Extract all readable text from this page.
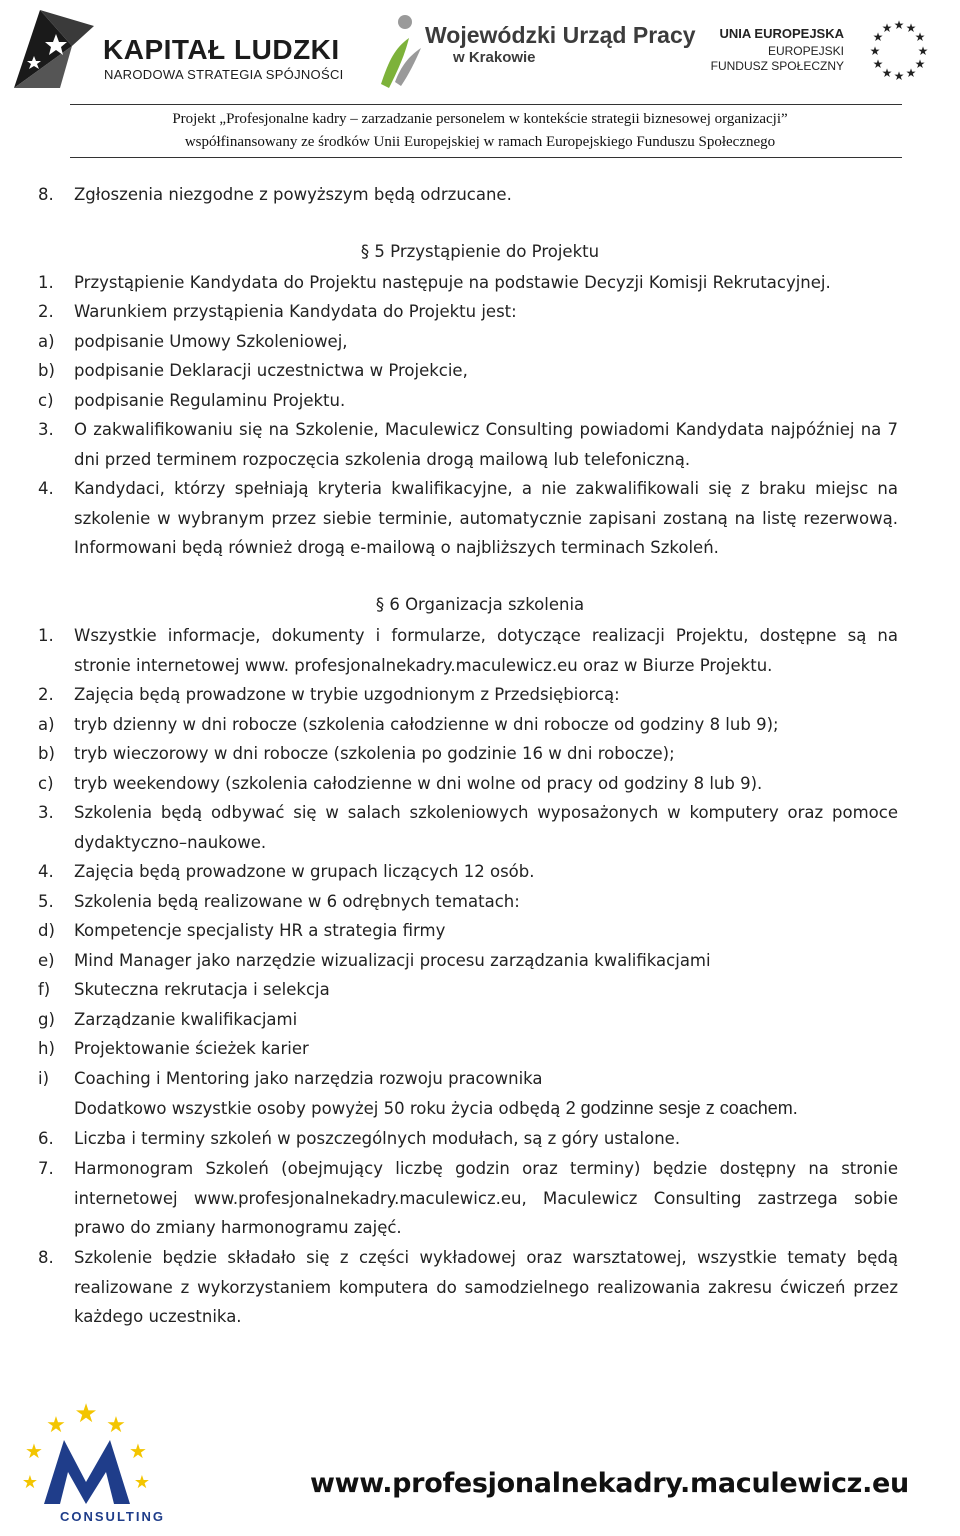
KAPITAŁ LUDZKI
NARODOWA STRATEGIA SPÓJNOŚCI
Wojewódzki Urząd Pracy
w Krakowie
UNIA EUROPEJSKA
EUROPEJSKI
FUNDUSZ SPOŁECZNY
★ ★
★
★
★
★
★
★
★
★
★
★
Projekt „Profesjonalne kadry – zarzadzanie personelem w kontekście strategii biznesowej organizacji”
współfinansowany ze środków Unii Europejskiej w ramach Europejskiego Funduszu Społecznego
8. Zgłoszenia niezgodne z powyższym będą odrzucane.
§ 5 Przystąpienie do Projektu
1. Przystąpienie Kandydata do Projektu następuje na podstawie Decyzji Komisji Rekrutacyjnej.
2. Warunkiem przystąpienia Kandydata do Projektu jest:
a) podpisanie Umowy Szkoleniowej,
b) podpisanie Deklaracji uczestnictwa w Projekcie,
c) podpisanie Regulaminu Projektu.
3. O zakwalifikowaniu się na Szkolenie, Maculewicz Consulting powiadomi Kandydata najpóźniej na 7 dni przed terminem rozpoczęcia szkolenia drogą mailową lub telefoniczną.
4. Kandydaci, którzy spełniają kryteria kwalifikacyjne, a nie zakwalifikowali się z braku miejsc na szkolenie w wybranym przez siebie terminie, automatycznie zapisani zostaną na listę rezerwową. Informowani będą również drogą e-mailową o najbliższych terminach Szkoleń.
§ 6 Organizacja szkolenia
1. Wszystkie informacje, dokumenty i formularze, dotyczące realizacji Projektu, dostępne są na stronie internetowej www. profesjonalnekadry.maculewicz.eu oraz w Biurze Projektu.
2. Zajęcia będą prowadzone w trybie uzgodnionym z Przedsiębiorcą:
a) tryb dzienny w dni robocze (szkolenia całodzienne w dni robocze od godziny 8 lub 9);
b) tryb wieczorowy w dni robocze (szkolenia po godzinie 16 w dni robocze);
c) tryb weekendowy (szkolenia całodzienne w dni wolne od pracy od godziny 8 lub 9).
3. Szkolenia będą odbywać się w salach szkoleniowych wyposażonych w komputery oraz pomoce dydaktyczno–naukowe.
4. Zajęcia będą prowadzone w grupach liczących 12 osób.
5. Szkolenia będą realizowane w 6 odrębnych tematach:
d) Kompetencje specjalisty HR a strategia firmy
e) Mind Manager jako narzędzie wizualizacji procesu zarządzania kwalifikacjami
f) Skuteczna rekrutacja i selekcja
g) Zarządzanie kwalifikacjami
h) Projektowanie ścieżek karier
i) Coaching i Mentoring jako narzędzia rozwoju pracownika
Dodatkowo wszystkie osoby powyżej 50 roku życia odbędą 2 godzinne sesje z coachem.
6. Liczba i terminy szkoleń w poszczególnych modułach, są z góry ustalone.
7. Harmonogram Szkoleń (obejmujący liczbę godzin oraz terminy) będzie dostępny na stronie internetowej www.profesjonalnekadry.maculewicz.eu, Maculewicz Consulting zastrzega sobie prawo do zmiany harmonogramu zajęć.
8. Szkolenie będzie składało się z części wykładowej oraz warsztatowej, wszystkie tematy będą realizowane z wykorzystaniem komputera do samodzielnego realizowania zakresu ćwiczeń przez każdego uczestnika.
★ ★ ★
★	★
★	★
CONSULTING
www.profesjonalnekadry.maculewicz.eu
